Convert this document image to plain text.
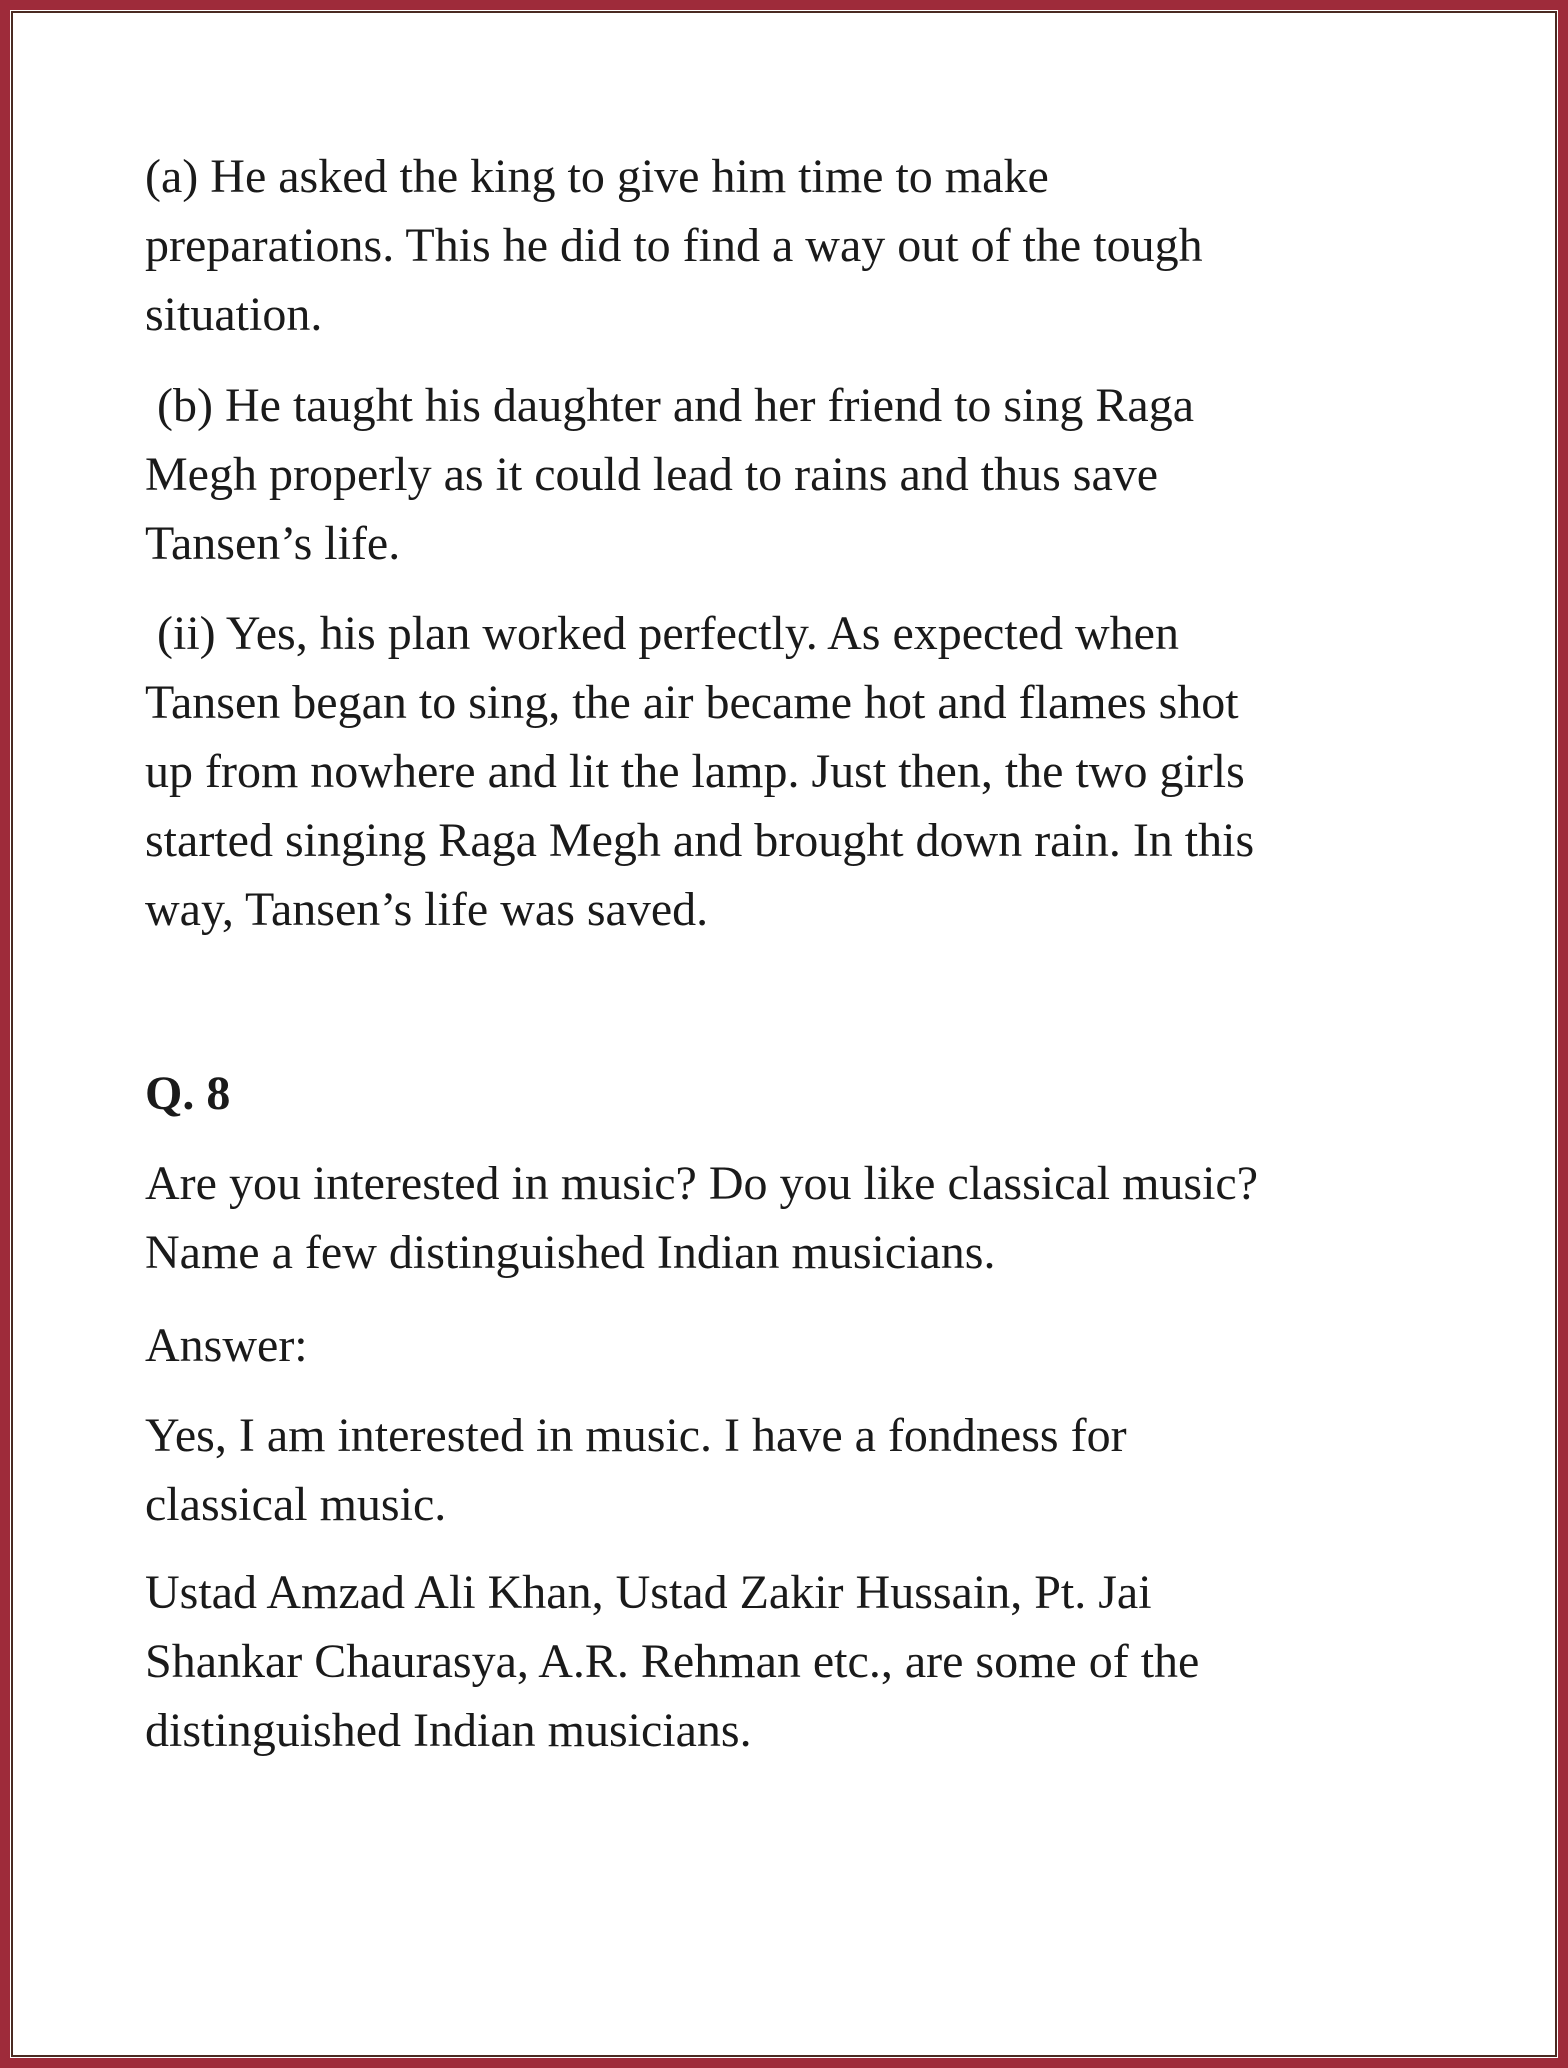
(a) He asked the king to give him time to make
preparations. This he did to find a way out of the tough
situation.
(b) He taught his daughter and her friend to sing Raga
Megh properly as it could lead to rains and thus save
Tansen’s life.
(ii) Yes, his plan worked perfectly. As expected when
Tansen began to sing, the air became hot and flames shot
up from nowhere and lit the lamp. Just then, the two girls
started singing Raga Megh and brought down rain. In this
way, Tansen’s life was saved.
Q. 8
Are you interested in music? Do you like classical music?
Name a few distinguished Indian musicians.
Answer:
Yes, I am interested in music. I have a fondness for
classical music.
Ustad Amzad Ali Khan, Ustad Zakir Hussain, Pt. Jai
Shankar Chaurasya, A.R. Rehman etc., are some of the
distinguished Indian musicians.
